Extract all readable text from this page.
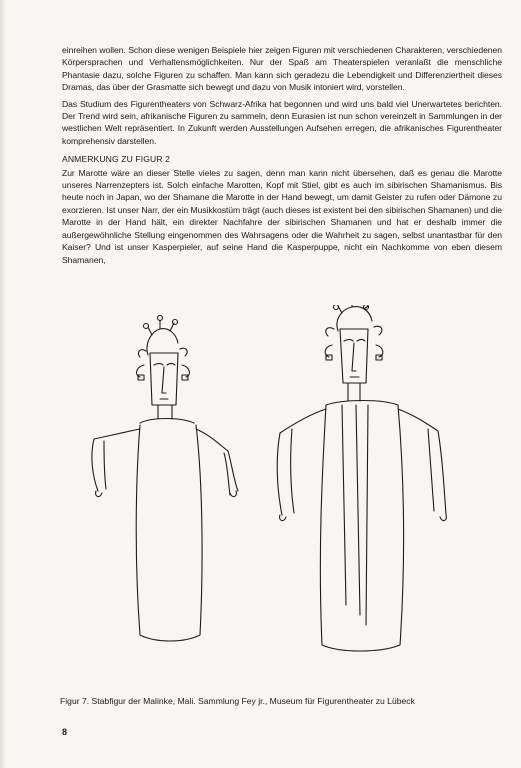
einreihen wollen. Schon diese wenigen Beispiele hier zeigen Figuren mit verschiedenen Charakteren, verschiedenen Körpersprachen und Verhaltensmöglichkeiten. Nur der Spaß am Theaterspielen veranlaßt die menschliche Phantasie dazu, solche Figuren zu schaffen. Man kann sich geradezu die Lebendigkeit und Differenziertheit dieses Dramas, das über der Grasmatte sich bewegt und dazu von Musik intoniert wird, vorstellen.

Das Studium des Figurentheaters von Schwarz-Afrika hat begonnen und wird uns bald viel Unerwartetes berichten. Der Trend wird sein, afrikanische Figuren zu sammeln, denn Eurasien ist nun schon vereinzelt in Sammlungen in der westlichen Welt repräsentiert. In Zukunft werden Ausstellungen Aufsehen erregen, die afrikanisches Figurentheater komprehensiv darstellen.

ANMERKUNG ZU FIGUR 2

Zur Marotte wäre an dieser Stelle vieles zu sagen, denn man kann nicht übersehen, daß es genau die Marotte unseres Narrenzepters ist. Solch einfache Marotten, Kopf mit Stiel, gibt es auch im sibirischen Shamanismus. Bis heute noch in Japan, wo der Shamane die Marotte in der Hand bewegt, um damit Geister zu rufen oder Dämone zu exorzieren. Ist unser Narr, der ein Musikkostüm trägt (auch dieses ist existent bei den sibirischen Shamanen) und die Marotte in der Hand hält, ein direkter Nachfahre der sibirischen Shamanen und hat er deshalb immer die außergewöhnliche Stellung eingenommen des Wahrsagens oder die Wahrheit zu sagen, selbst unantastbar für den Kaiser? Und ist unser Kasperpieler, auf seine Hand die Kasperpuppe, nicht ein Nachkomme von eben diesem Shamanen,

Figur 7. Stabfigur der Malinke, Mali. Sammlung Fey jr., Museum für Figurentheater zu Lübeck
8
